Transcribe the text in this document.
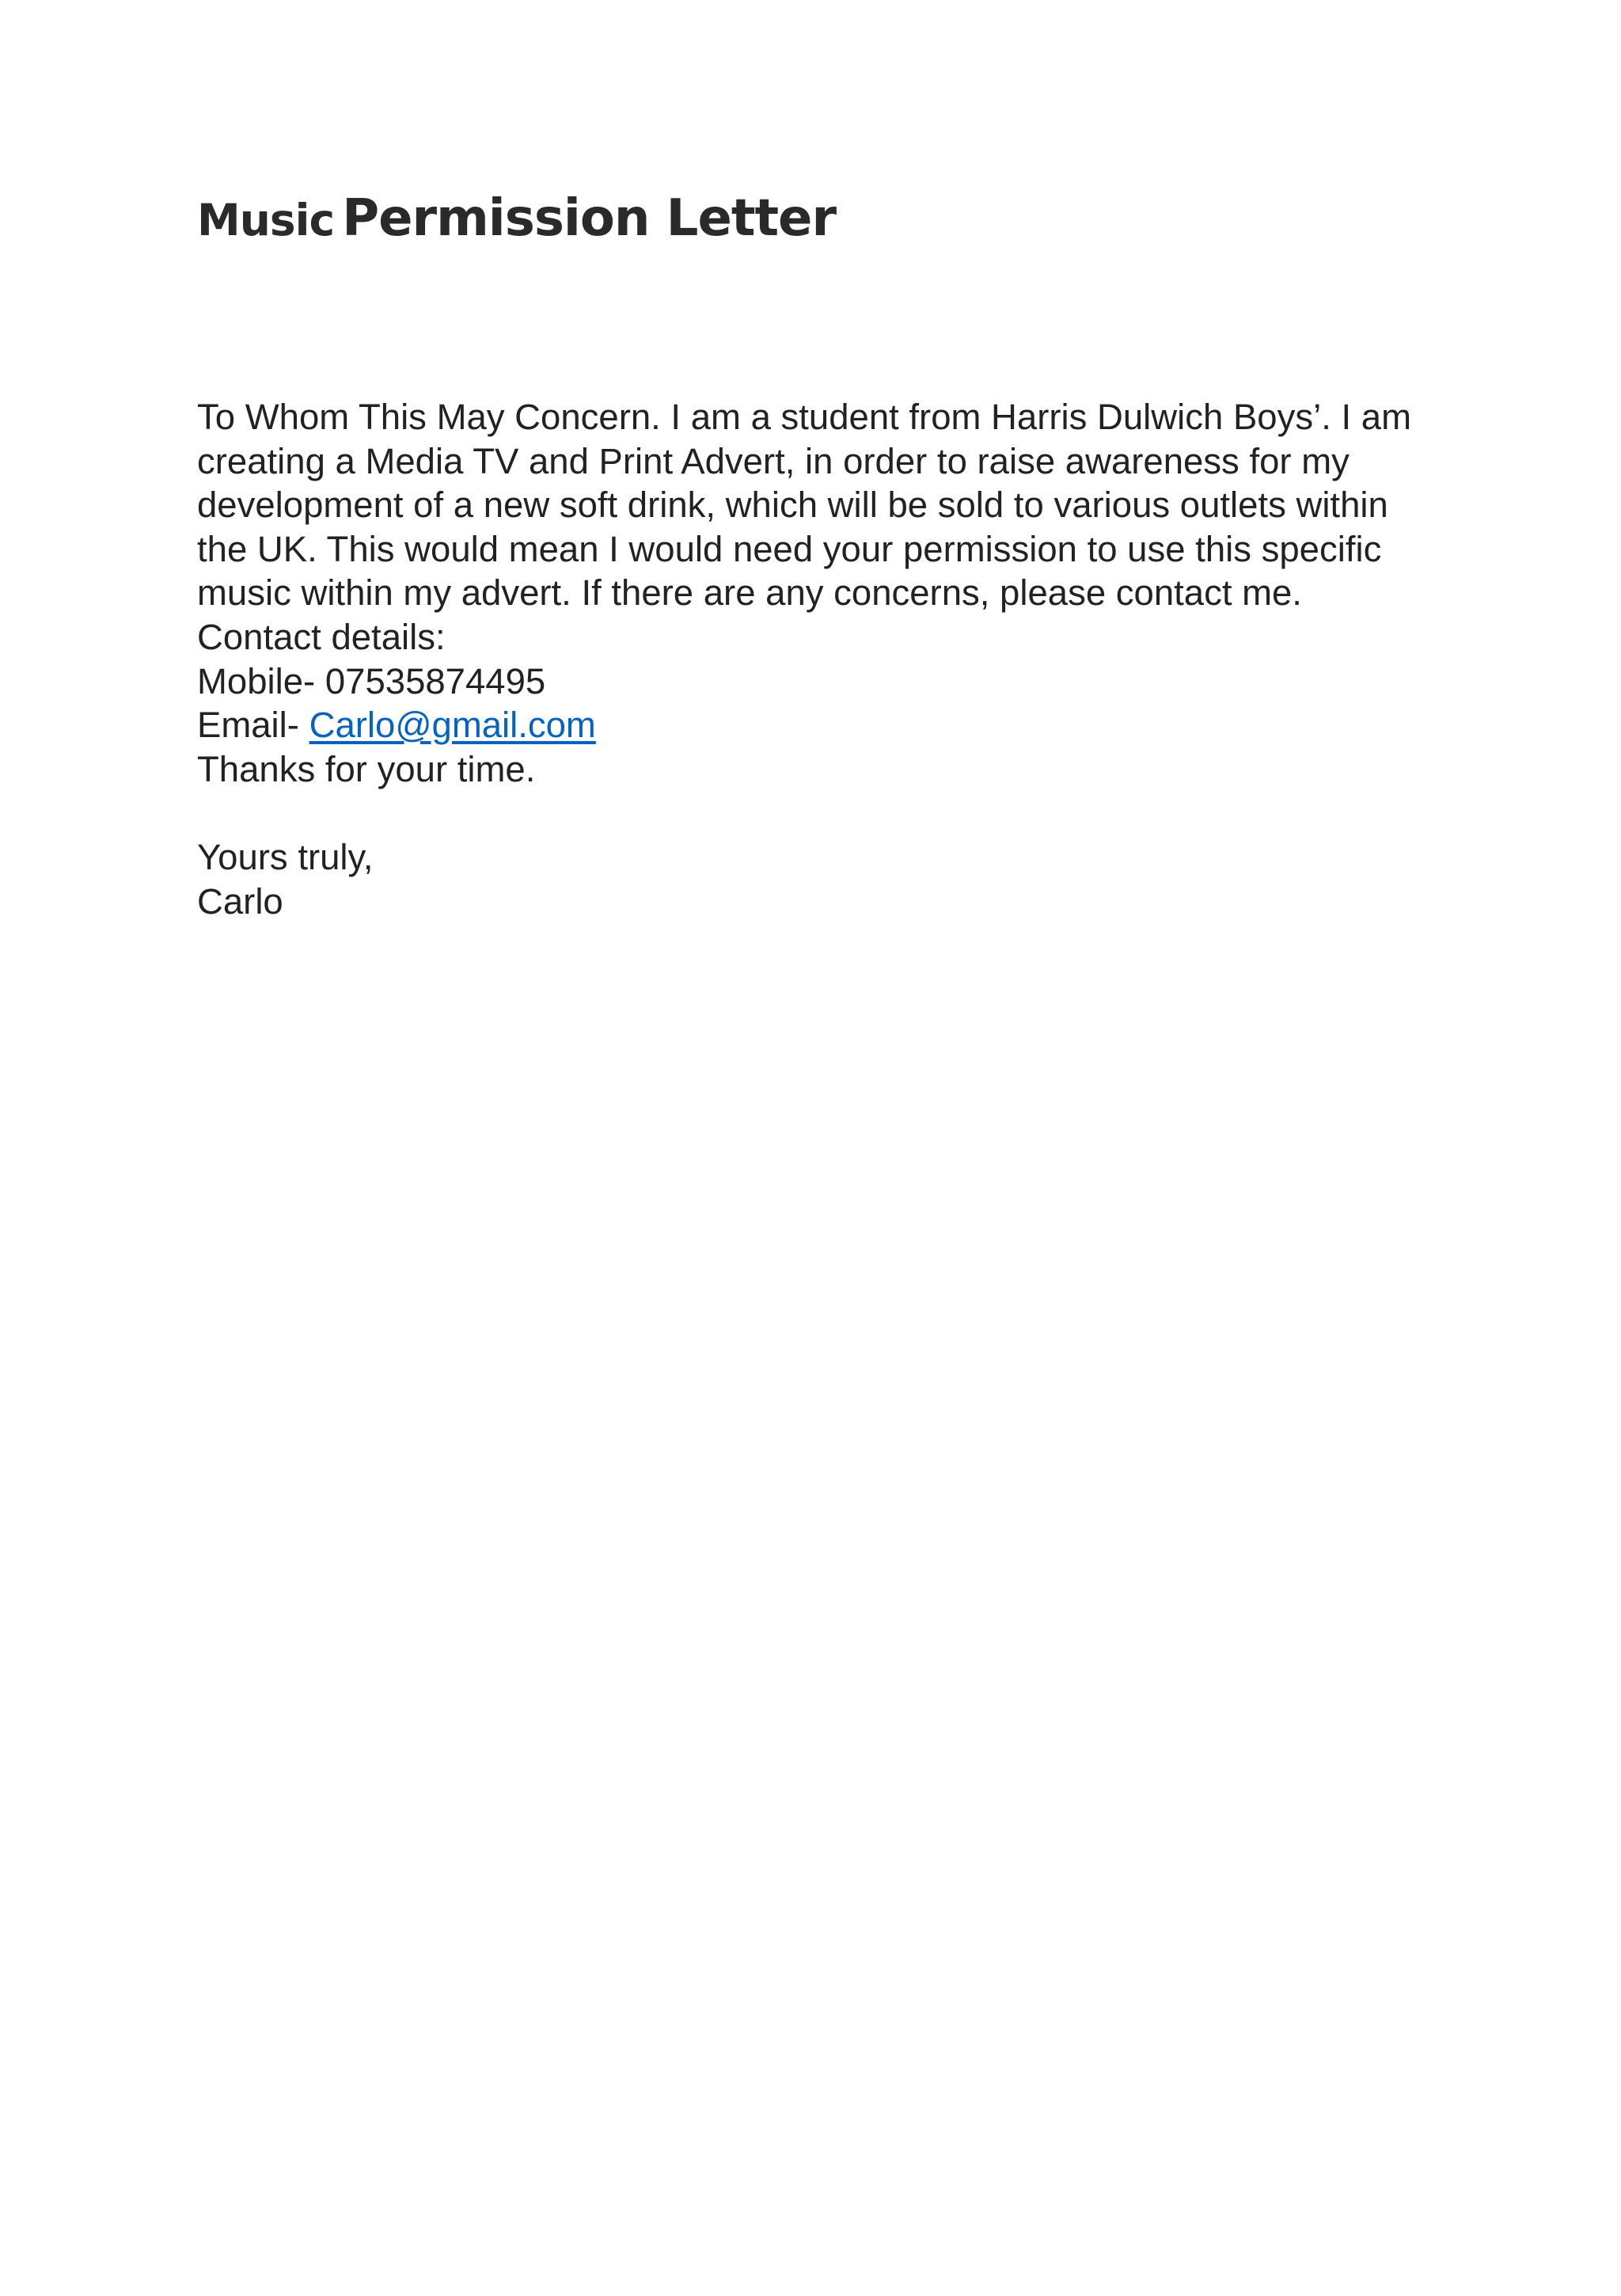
Music Permission Letter

To Whom This May Concern. I am a student from Harris Dulwich Boys’. I am creating a Media TV and Print Advert, in order to raise awareness for my development of a new soft drink, which will be sold to various outlets within the UK. This would mean I would need your permission to use this specific music within my advert. If there are any concerns, please contact me.

Contact details:

Mobile- 07535874495

Email- Carlo@gmail.com

Thanks for your time.

Yours truly,

Carlo
